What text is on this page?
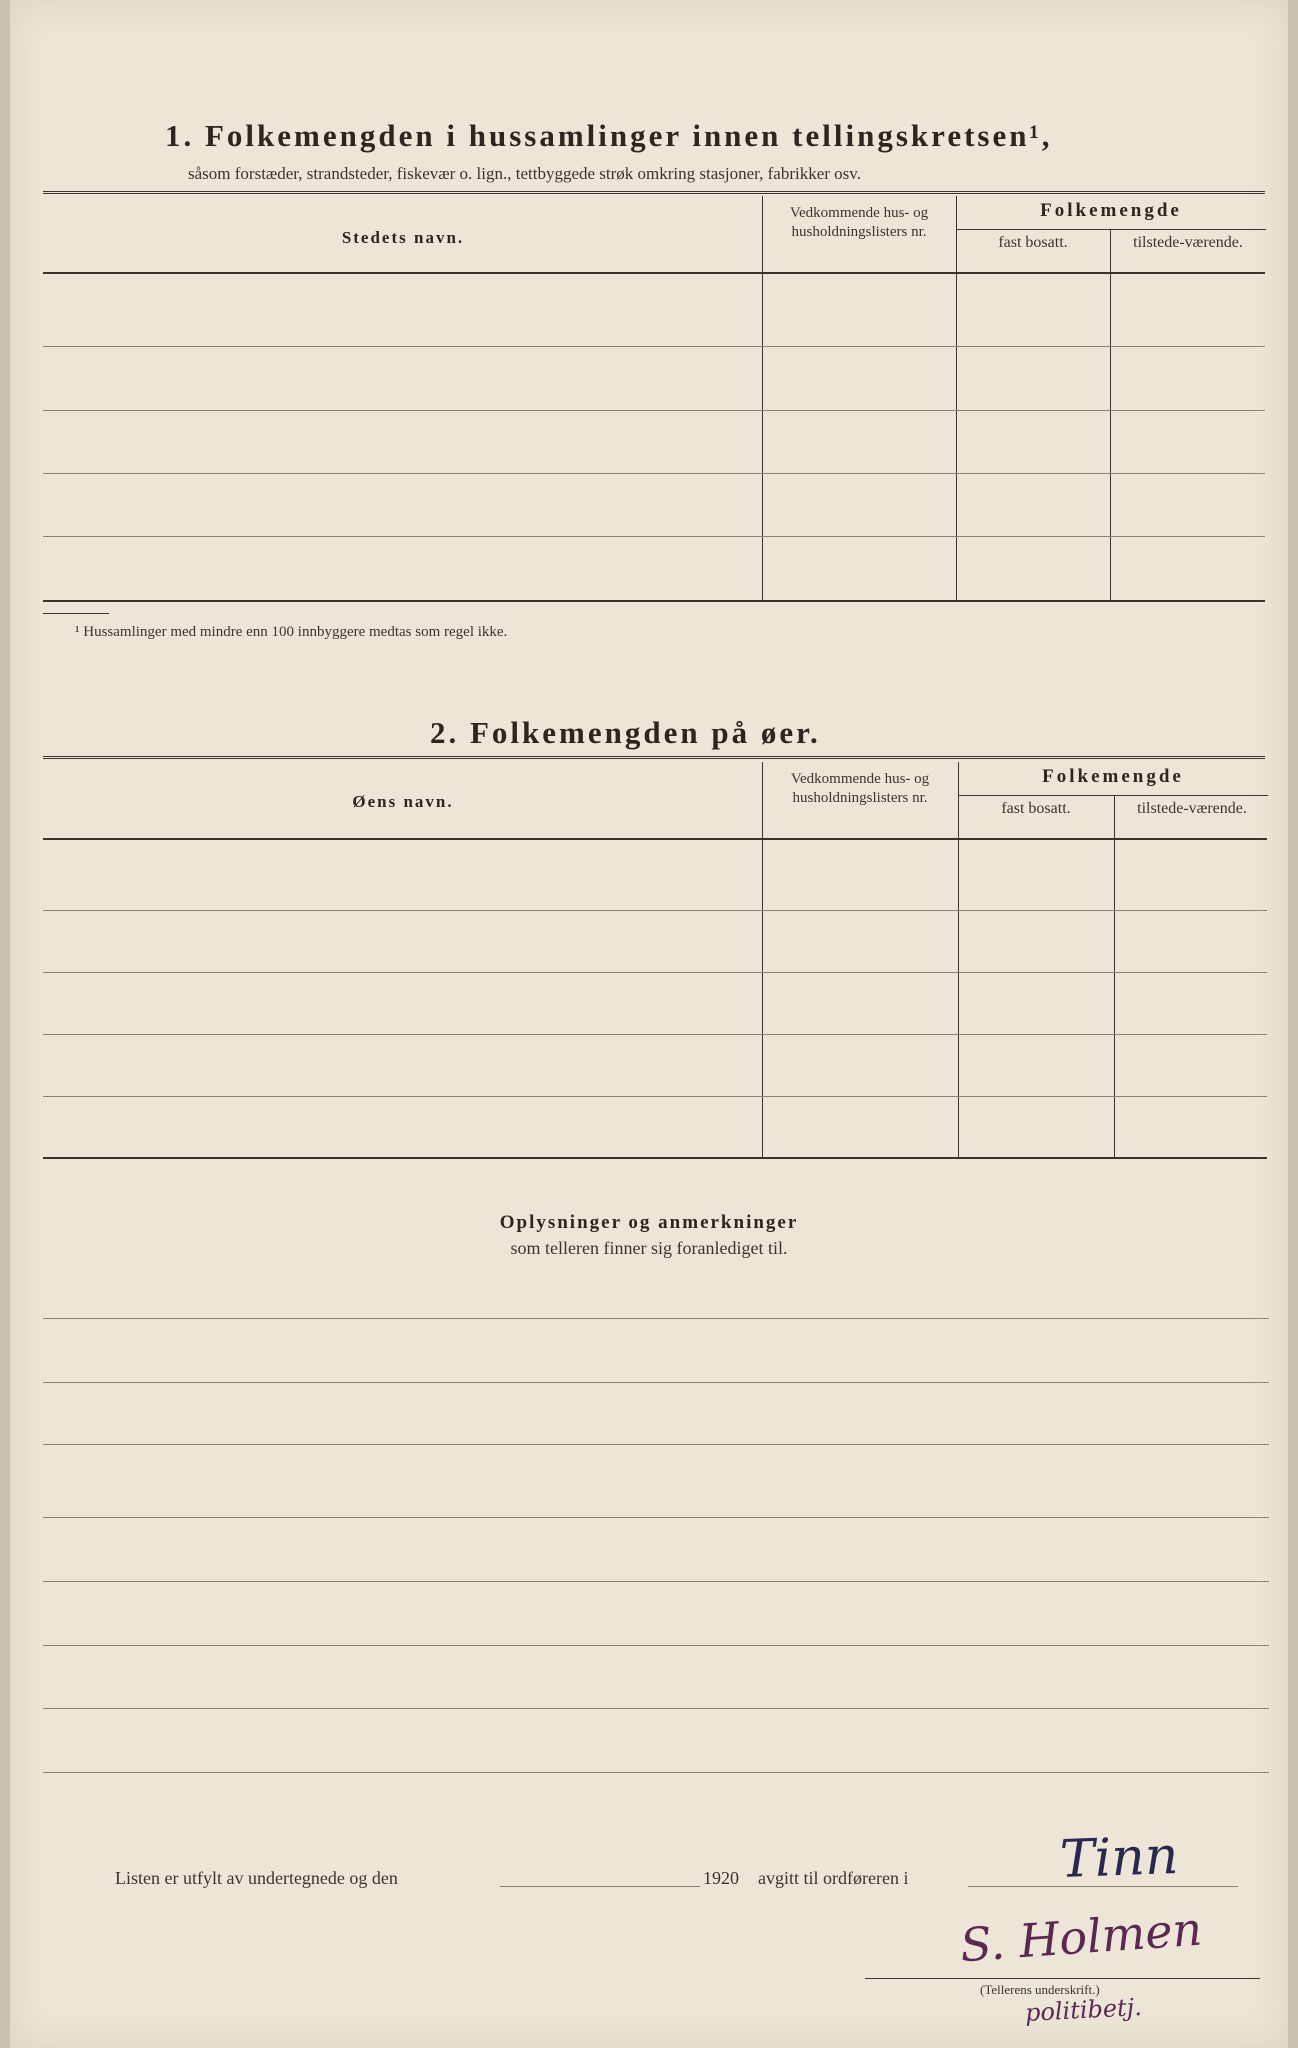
1. Folkemengden i hussamlinger innen tellingskretsen¹,
såsom forstæder, strandsteder, fiskevær o. lign., tettbyggede strøk omkring stasjoner, fabrikker osv.
Stedets navn.
Vedkommende hus- og husholdningslisters nr.
Folkemengde
fast bosatt.	tilstede-værende.
¹ Hussamlinger med mindre enn 100 innbyggere medtas som regel ikke.
2. Folkemengden på øer.
Øens navn.
Vedkommende hus- og husholdningslisters nr.
Folkemengde
fast bosatt.	tilstede-værende.
Oplysninger og anmerkninger
som telleren finner sig foranlediget til.
Listen er utfylt av undertegnede og den	1920 avgitt til ordføreren i	Tinn
S. Holmen
(Tellerens underskrift.)
politibetj.
